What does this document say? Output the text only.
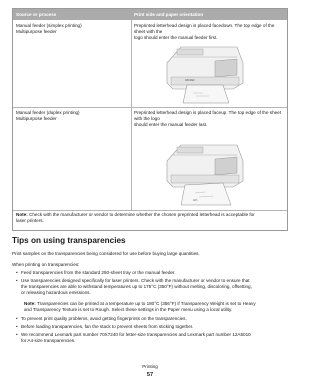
Source or process	Print side and paper orientation
Manual feeder (simplex printing)
Multipurpose feeder
Preprinted letterhead design is placed facedown. The top edge of the sheet with the
logo should enter the manual feeder first.
ABCDEF
Manual feeder (duplex printing)
Multipurpose feeder
Preprinted letterhead design is placed faceup. The top edge of the sheet with the logo
should enter the manual feeder last.
ABC
Note: Check with the manufacturer or vendor to determine whether the chosen preprinted letterhead is acceptable for
laser printers.
Tips on using transparencies
Print samples on the transparencies being considered for use before buying large quantities.
When printing on transparencies:
• Feed transparencies from the standard 250-sheet tray or the manual feeder.
• Use transparencies designed specifically for laser printers. Check with the manufacturer or vendor to ensure that
the transparencies are able to withstand temperatures up to 175°C (350°F) without melting, discoloring, offsetting,
or releasing hazardous emissions.
Note: Transparencies can be printed at a temperature up to 180°C (356°F) if Transparency Weight is set to Heavy
and Transparency Texture is set to Rough. Select these settings in the Paper menu using a local utility.
• To prevent print quality problems, avoid getting fingerprints on the transparencies.
• Before loading transparencies, fan the stack to prevent sheets from sticking together.
• We recommend Lexmark part number 70X7240 for letter-size transparencies and Lexmark part number 12A5010
for A4-size transparencies.
Printing
57
